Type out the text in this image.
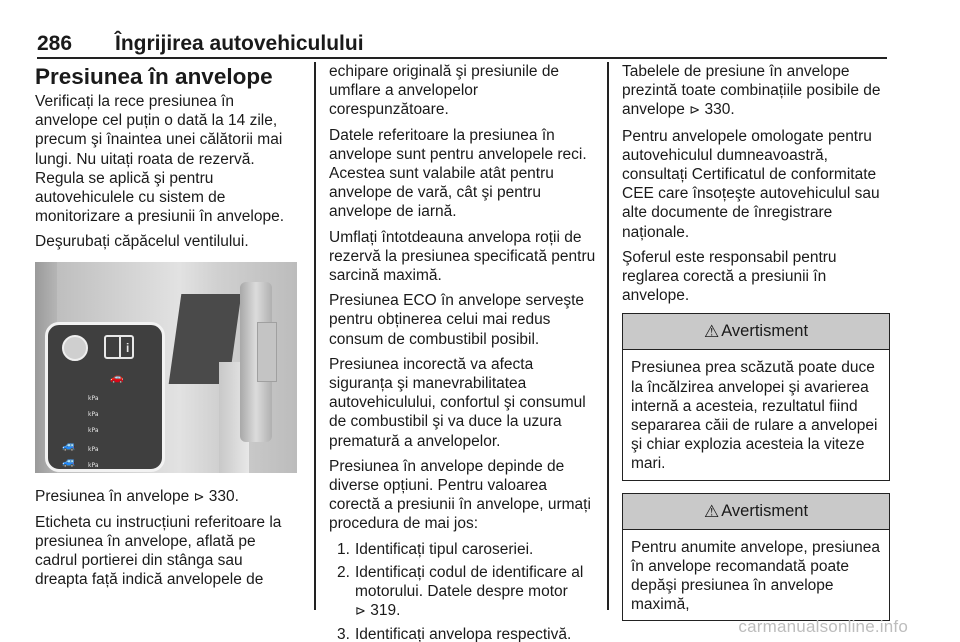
286	Îngrijirea autovehiculului
Presiunea în anvelope

Verificați la rece presiunea în anvelope cel puțin o dată la 14 zile, precum şi înaintea unei călătorii mai lungi. Nu uitați roata de rezervă. Regula se aplică şi pentru autovehiculele cu sistem de monitorizare a presiunii în anvelope.

Deşurubați căpăcelul ventilului.

i
🚗
kPa
kPa
kPa
🚙 kPa
🚙 kPa

Presiunea în anvelope ⊳ 330.

Eticheta cu instrucțiuni referitoare la presiunea în anvelope, aflată pe cadrul portierei din stânga sau dreapta față indică anvelopele de

echipare originală şi presiunile de umflare a anvelopelor corespunzătoare.

Datele referitoare la presiunea în anvelope sunt pentru anvelopele reci. Acestea sunt valabile atât pentru anvelope de vară, cât şi pentru anvelope de iarnă.

Umflați întotdeauna anvelopa roții de rezervă la presiunea specificată pentru sarcină maximă.

Presiunea ECO în anvelope serveşte pentru obținerea celui mai redus consum de combustibil posibil.

Presiunea incorectă va afecta siguranța şi manevrabilitatea autovehiculului, confortul şi consumul de combustibil şi va duce la uzura prematură a anvelopelor.

Presiunea în anvelope depinde de diverse opțiuni. Pentru valoarea corectă a presiunii în anvelope, urmați procedura de mai jos:

1. Identificați tipul caroseriei.
2. Identificați codul de identificare al motorului. Datele despre motor
⊳ 319.
3. Identificați anvelopa respectivă.

Tabelele de presiune în anvelope prezintă toate combinațiile posibile de anvelope ⊳ 330.

Pentru anvelopele omologate pentru autovehiculul dumneavoastră, consultați Certificatul de conformitate CEE care însoțeşte autovehiculul sau alte documente de înregistrare naționale.

Şoferul este responsabil pentru reglarea corectă a presiunii în anvelope.

⚠ Avertisment
Presiunea prea scăzută poate duce la încălzirea anvelopei şi avarierea internă a acesteia, rezultatul fiind separarea căii de rulare a anvelopei şi chiar explozia acesteia la viteze mari.
⚠ Avertisment
Pentru anumite anvelope, presiunea în anvelope recomandată poate depăşi presiunea în anvelope maximă,
carmanualsonline.info
